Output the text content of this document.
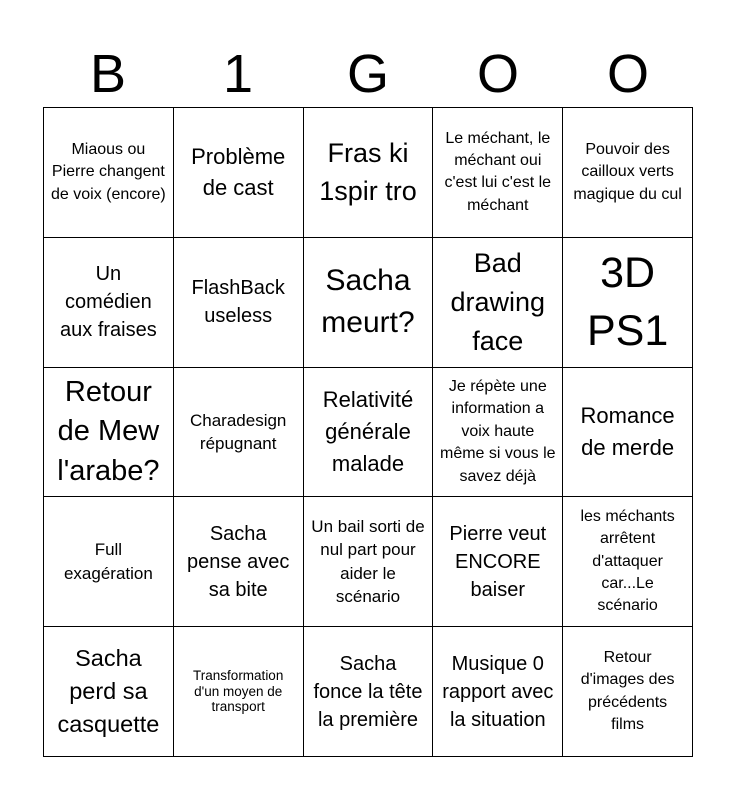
B	1	G	O	O
Miaous ou Pierre changent de voix (encore)
Problème de cast
Fras ki 1spir tro
Le méchant, le méchant oui c'est lui c'est le méchant
Pouvoir des cailloux verts magique du cul
Un comédien aux fraises
FlashBack useless
Sacha meurt?
Bad drawing face
3D PS1
Retour de Mew l'arabe?
Charadesign répugnant
Relativité générale malade
Je répète une information a voix haute même si vous le savez déjà
Romance de merde
Full exagération
Sacha pense avec sa bite
Un bail sorti de nul part pour aider le scénario
Pierre veut ENCORE baiser
les méchants arrêtent d'attaquer car...Le scénario
Sacha perd sa casquette
Transformation d'un moyen de transport
Sacha fonce la tête la première
Musique 0 rapport avec la situation
Retour d'images des précédents films
